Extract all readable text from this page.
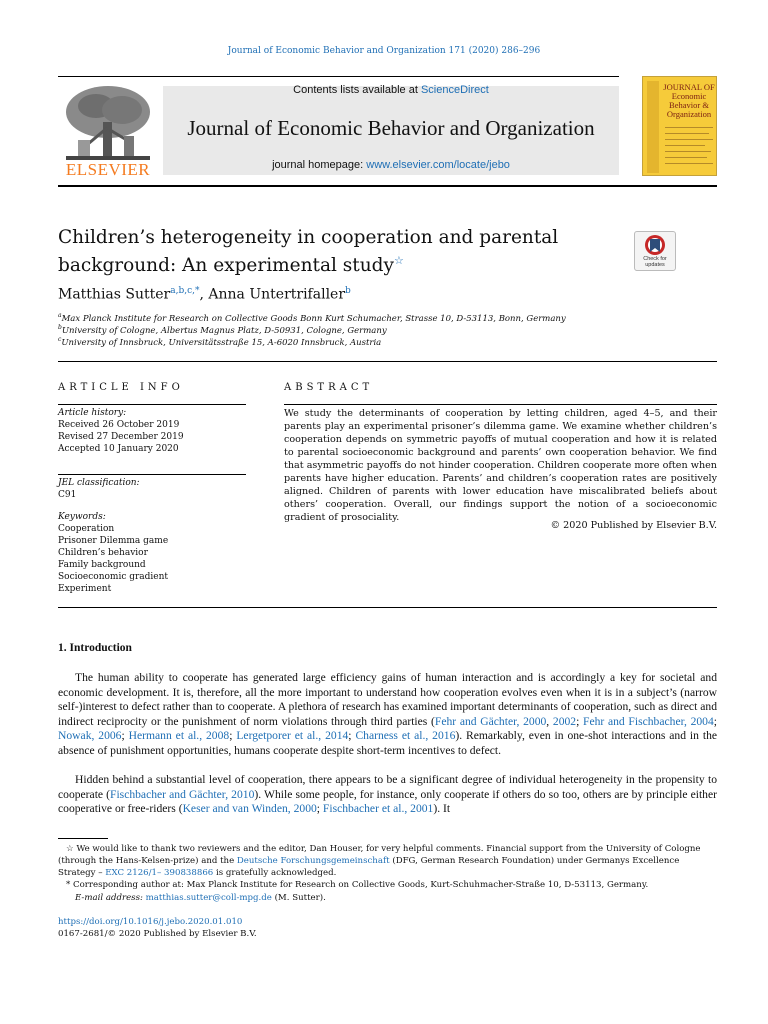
Journal of Economic Behavior and Organization 171 (2020) 286–296
ELSEVIER
Contents lists available at ScienceDirect
Journal of Economic Behavior and Organization
journal homepage: www.elsevier.com/locate/jebo
JOURNAL OF Economic Behavior & Organization
Children’s heterogeneity in cooperation and parental
background: An experimental study☆	Check for updates
Matthias Sutter$^{a,b,c,*}$, Anna Untertrifaller$^b$
$^a$Max Planck Institute for Research on Collective Goods Bonn Kurt Schumacher, Strasse 10, D-53113, Bonn, Germany
$^b$University of Cologne, Albertus Magnus Platz, D-50931, Cologne, Germany
$^c$University of Innsbruck, Universitätsstraße 15, A-6020 Innsbruck, Austria
ARTICLE INFO
Article history:
Received 26 October 2019
Revised 27 December 2019
Accepted 10 January 2020
JEL classification:
C91
Keywords:
Cooperation
Prisoner Dilemma game
Children’s behavior
Family background
Socioeconomic gradient
Experiment
ABSTRACT
We study the determinants of cooperation by letting children, aged 4–5, and their parents play an experimental prisoner’s dilemma game. We examine whether children’s cooperation depends on symmetric payoffs of mutual cooperation and how it is related to parental socioeconomic background and parents’ own cooperation behavior. We find that asymmetric payoffs do not hinder cooperation. Children cooperate more often when parents have higher education. Parents’ and children’s cooperation rates are positively aligned. Children of parents with lower education have miscalibrated beliefs about others’ cooperation. Overall, our findings support the notion of a socioeconomic gradient of prosociality.
© 2020 Published by Elsevier B.V.
1. Introduction
The human ability to cooperate has generated large efficiency gains of human interaction and is accordingly a key for societal and economic development. It is, therefore, all the more important to understand how cooperation evolves even when it is in a subject’s (narrow self-)interest to defect rather than to cooperate. A plethora of research has examined important determinants of cooperation, such as direct and indirect reciprocity or the punishment of norm violations through third parties (Fehr and Gächter, 2000, 2002; Fehr and Fischbacher, 2004; Nowak, 2006; Hermann et al., 2008; Lergetporer et al., 2014; Charness et al., 2016). Remarkably, even in one-shot interactions and in the absence of punishment opportunities, humans cooperate despite short-term incentives to defect.
Hidden behind a substantial level of cooperation, there appears to be a significant degree of individual heterogeneity in the propensity to cooperate (Fischbacher and Gächter, 2010). While some people, for instance, only cooperate if others do so too, others are by principle either cooperative or free-riders (Keser and van Winden, 2000; Fischbacher et al., 2001). It
☆ We would like to thank two reviewers and the editor, Dan Houser, for very helpful comments. Financial support from the University of Cologne (through the Hans-Kelsen-prize) and the Deutsche Forschungsgemeinschaft (DFG, German Research Foundation) under Germanys Excellence Strategy – EXC 2126/1– 390838866 is gratefully acknowledged.
* Corresponding author at: Max Planck Institute for Research on Collective Goods, Kurt-Schuhmacher-Straße 10, D-53113, Germany.
E-mail address: matthias.sutter@coll-mpg.de (M. Sutter).
https://doi.org/10.1016/j.jebo.2020.01.010
0167-2681/© 2020 Published by Elsevier B.V.
